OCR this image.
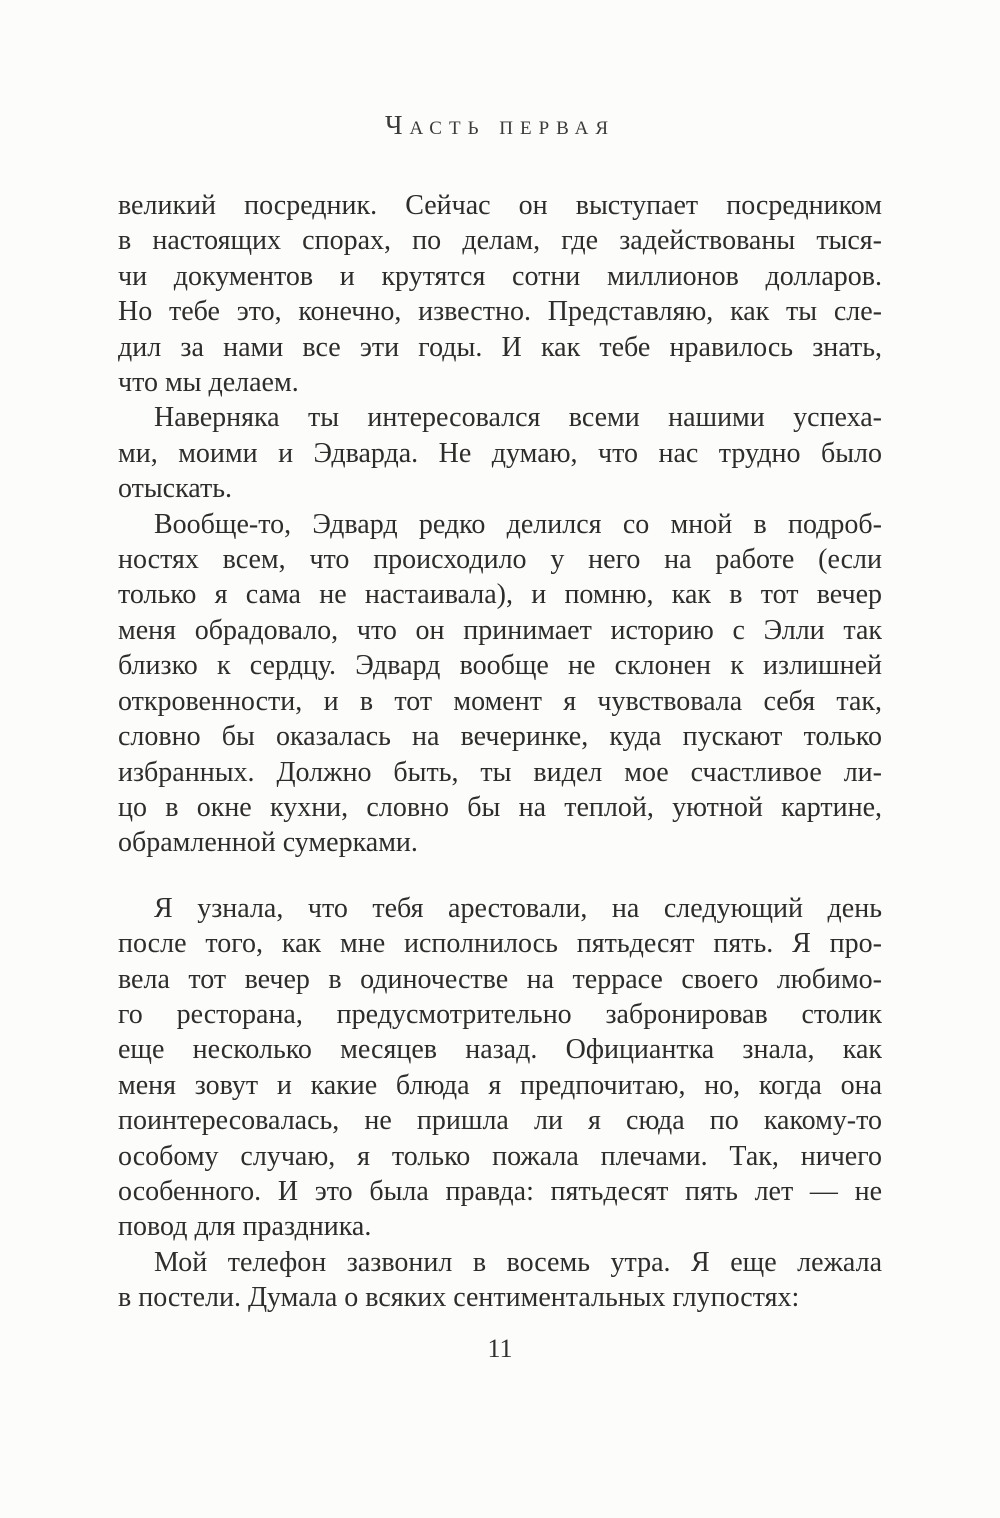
Часть первая
великий посредник. Сейчас он выступает посредником
в настоящих спорах, по делам, где задействованы тыся-
чи документов и крутятся сотни миллионов долларов.
Но тебе это, конечно, известно. Представляю, как ты сле-
дил за нами все эти годы. И как тебе нравилось знать,
что мы делаем.
Наверняка ты интересовался всеми нашими успеха-
ми, моими и Эдварда. Не думаю, что нас трудно было
отыскать.
Вообще-то, Эдвард редко делился со мной в подроб-
ностях всем, что происходило у него на работе (если
только я сама не настаивала), и помню, как в тот вечер
меня обрадовало, что он принимает историю с Элли так
близко к сердцу. Эдвард вообще не склонен к излишней
откровенности, и в тот момент я чувствовала себя так,
словно бы оказалась на вечеринке, куда пускают только
избранных. Должно быть, ты видел мое счастливое ли-
цо в окне кухни, словно бы на теплой, уютной картине,
обрамленной сумерками.
Я узнала, что тебя арестовали, на следующий день
после того, как мне исполнилось пятьдесят пять. Я про-
вела тот вечер в одиночестве на террасе своего любимо-
го ресторана, предусмотрительно забронировав столик
еще несколько месяцев назад. Официантка знала, как
меня зовут и какие блюда я предпочитаю, но, когда она
поинтересовалась, не пришла ли я сюда по какому-то
особому случаю, я только пожала плечами. Так, ничего
особенного. И это была правда: пятьдесят пять лет — не
повод для праздника.
Мой телефон зазвонил в восемь утра. Я еще лежала
в постели. Думала о всяких сентиментальных глупостях:
11
